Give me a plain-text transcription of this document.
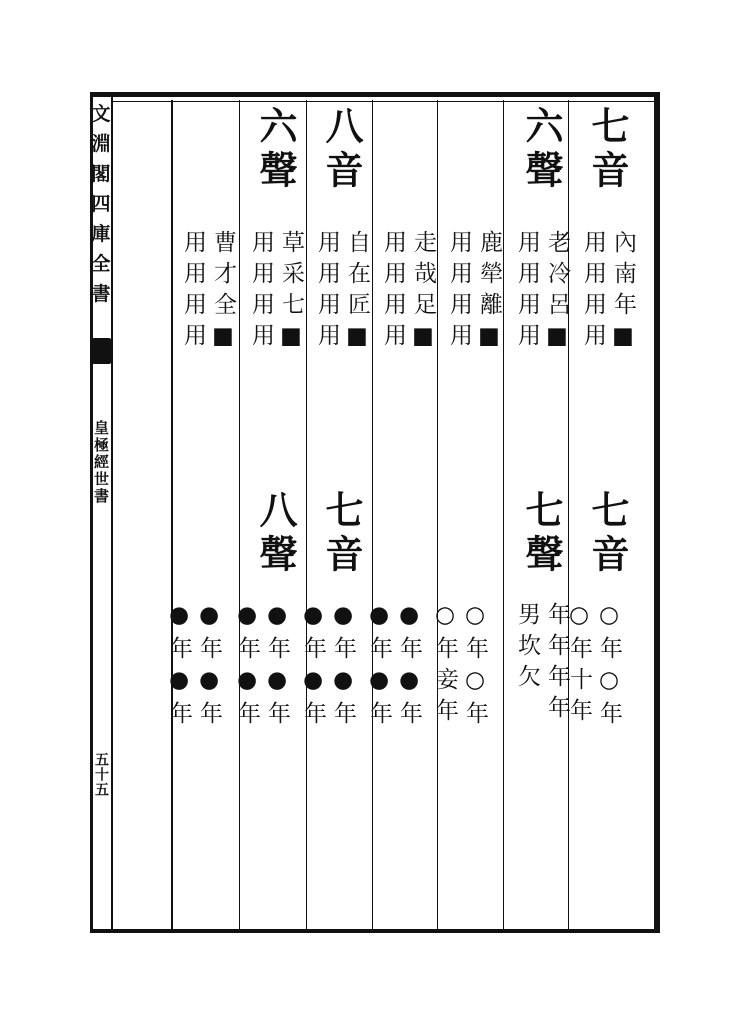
文
淵
閣
四
庫
全
書
皇極經世書
五十五
七音
內南年■
用用用用
七音
○年○年○年十年
六聲
老冷呂■
用用用用
七聲
年年年年
男坎欠
鹿犖離■
用用用用
○年○年○年妾年
走哉足■
用用用用
●年●年●年●年
八音
自在匠■
用用用用
七音
●年●年●年●年
六聲
草采七■
用用用用
八聲
●年●年●年●年
曹才全■
用用用用
●年●年●年●年
